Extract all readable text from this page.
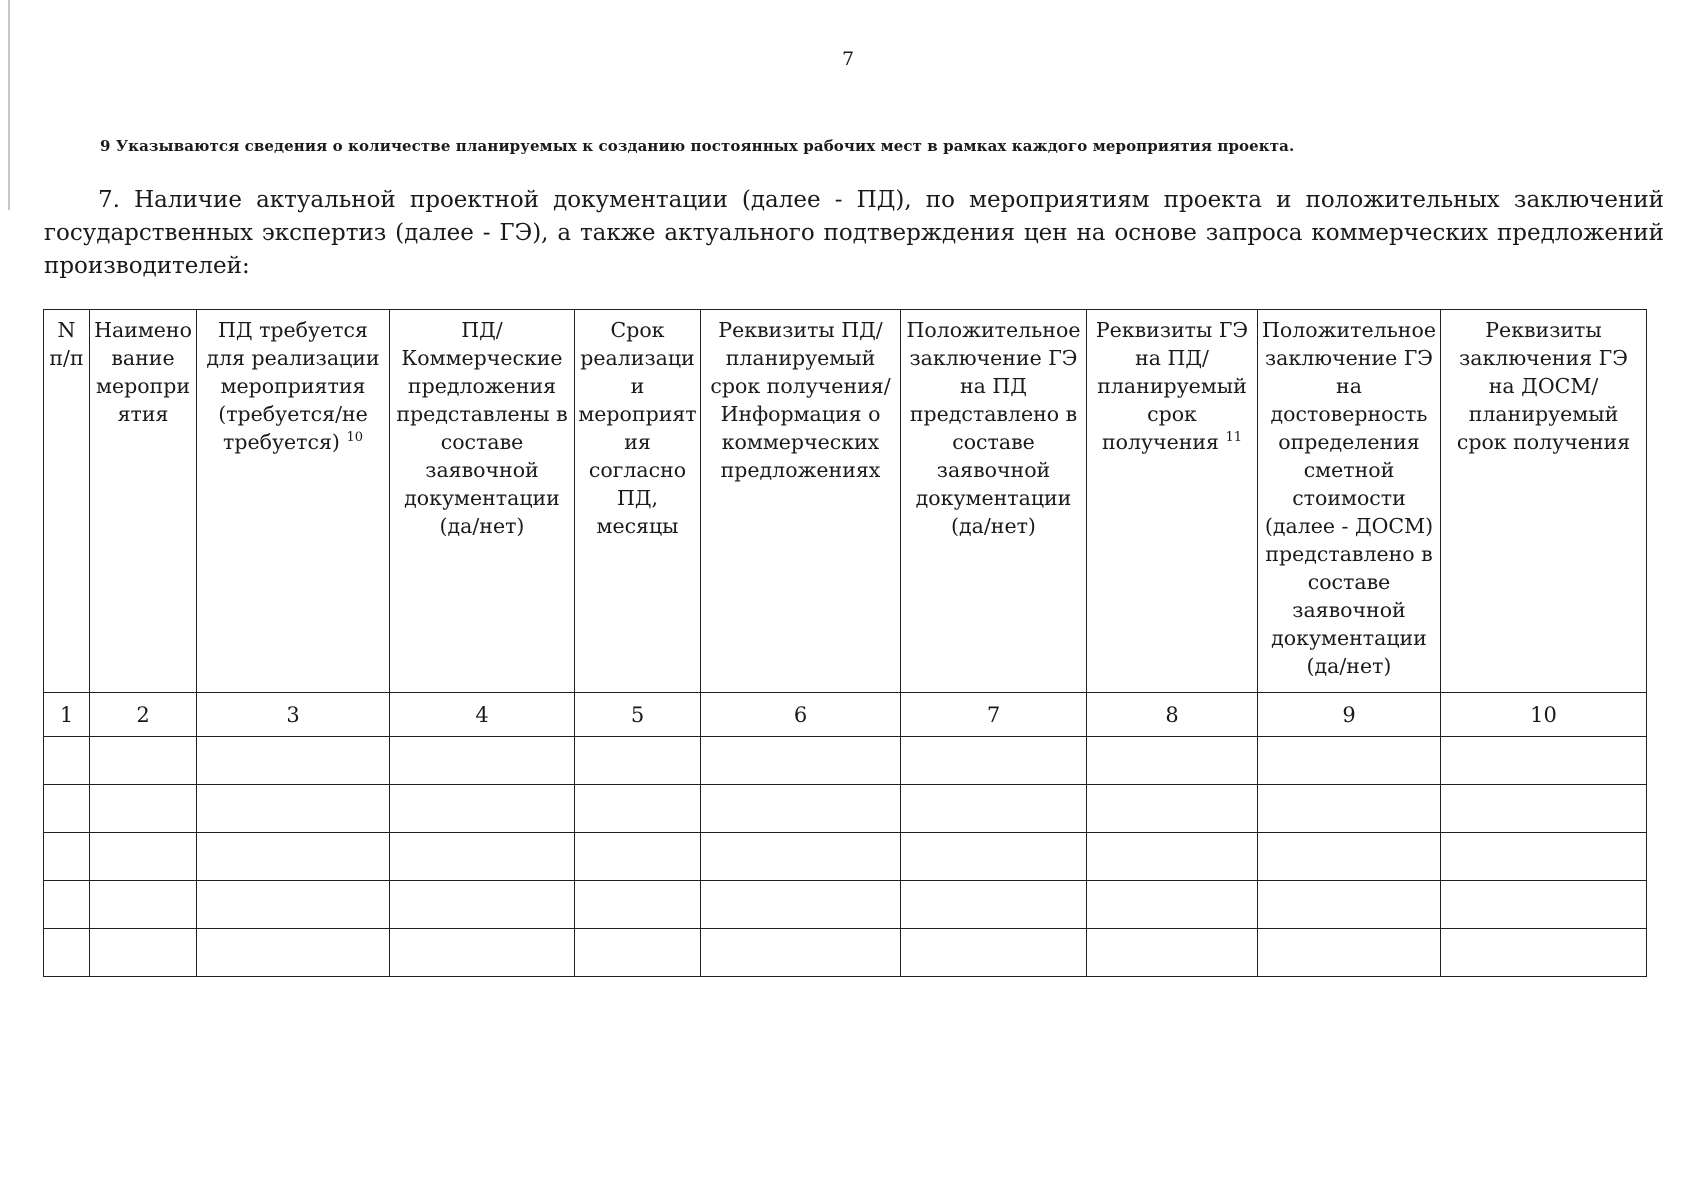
7
9 Указываются сведения о количестве планируемых к созданию постоянных рабочих мест в рамках каждого мероприятия проекта.
7. Наличие актуальной проектной документации (далее - ПД), по мероприятиям проекта и положительных заключений государственных экспертиз (далее - ГЭ), а также актуального подтверждения цен на основе запроса коммерческих предложений производителей:
N п/п	Наименование мероприятия	ПД требуется для реализации мероприятия (требуется/не требуется) $^{10}$	ПД/ Коммерческие предложения представлены в составе заявочной документации (да/нет)	Срок реализации мероприятия согласно ПД, месяцы	Реквизиты ПД/планируемый срок получения/Информация о коммерческих предложениях	Положительное заключение ГЭ на ПД представлено в составе заявочной документации (да/нет)	Реквизиты ГЭ на ПД/планируемый срок получения $^{11}$	Положительное заключение ГЭ на достоверность определения сметной стоимости (далее - ДОСМ) представлено в составе заявочной документации (да/нет)	Реквизиты заключения ГЭ на ДОСМ/планируемый срок получения
1	2	3	4	5	6	7	8	9	10
